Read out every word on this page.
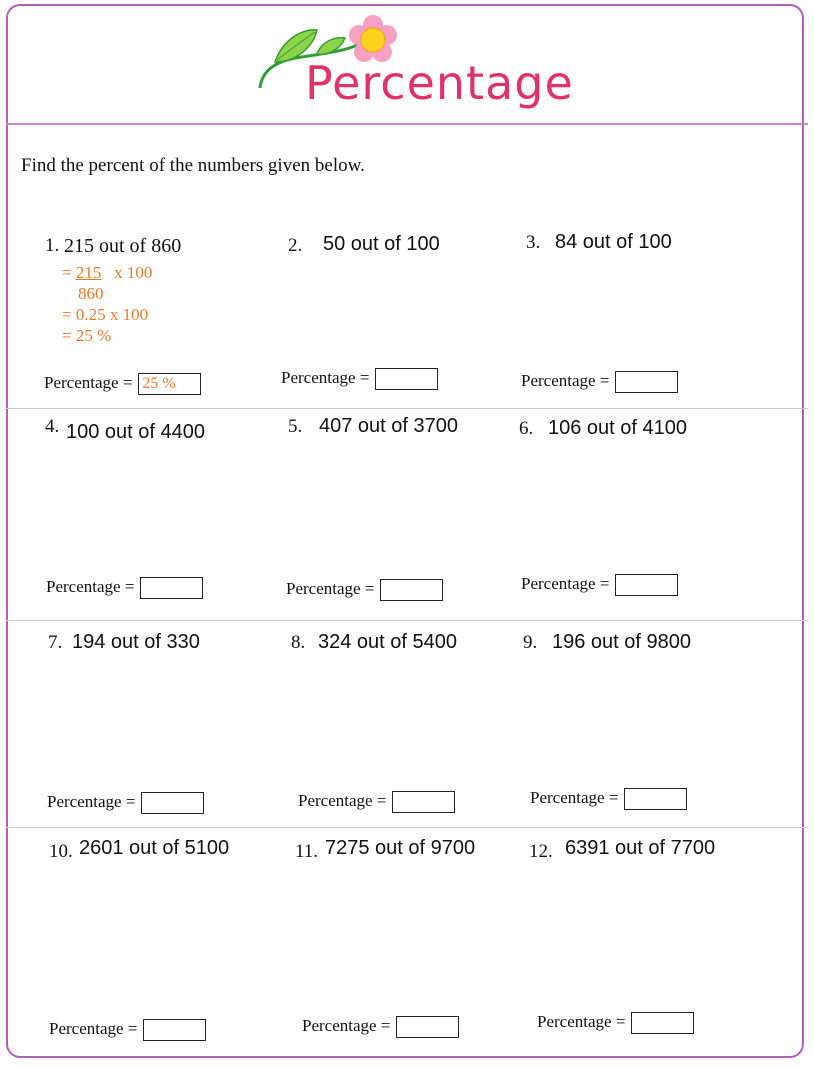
Percentage
Find the percent of the numbers given below.
1. 215 out of 860	2. 50 out of 100	3. 84 out of 100
= 215 x 100
860
= 0.25 x 100
= 25 %
Percentage = 25 %	Percentage =	Percentage =
4. 100 out of 4400	5. 407 out of 3700	6. 106 out of 4100
Percentage =	Percentage =	Percentage =
7. 194 out of 330	8. 324 out of 5400	9. 196 out of 9800
Percentage =	Percentage =	Percentage =
10. 2601 out of 5100	11. 7275 out of 9700	12. 6391 out of 7700
Percentage =	Percentage =	Percentage =
